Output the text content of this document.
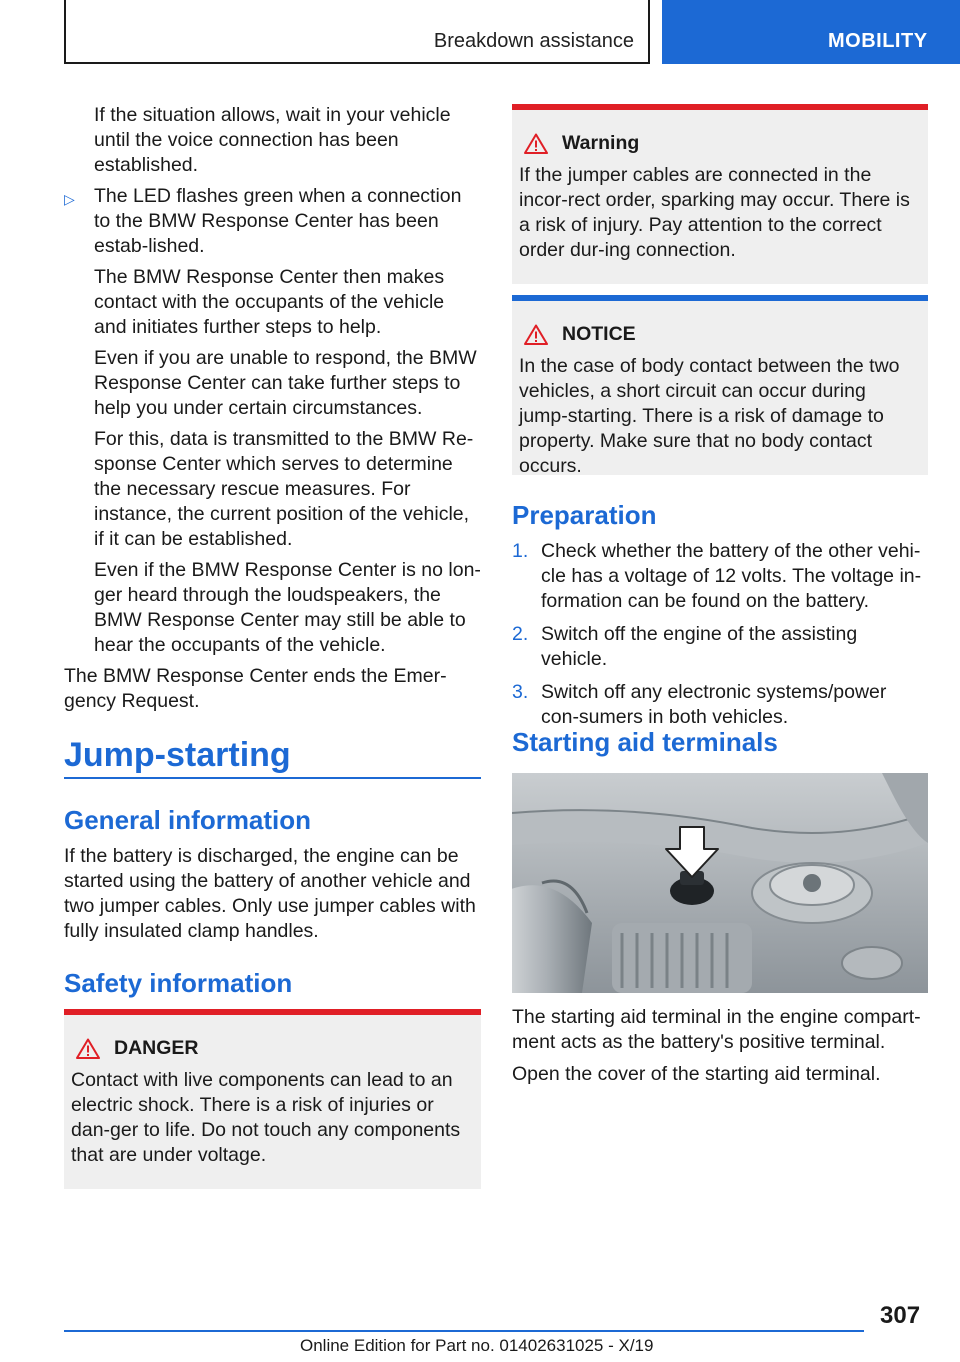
Breakdown assistance	MOBILITY

If the situation allows, wait in your vehicle until the voice connection has been established.

▷ The LED flashes green when a connection to the BMW Response Center has been estab-lished.

The BMW Response Center then makes contact with the occupants of the vehicle and initiates further steps to help.

Even if you are unable to respond, the BMW Response Center can take further steps to help you under certain circumstances.

For this, data is transmitted to the BMW Re-sponse Center which serves to determine the necessary rescue measures. For instance, the current position of the vehicle, if it can be established.

Even if the BMW Response Center is no lon-ger heard through the loudspeakers, the BMW Response Center may still be able to hear the occupants of the vehicle.

The BMW Response Center ends the Emer-gency Request.

Jump-starting
General information

If the battery is discharged, the engine can be started using the battery of another vehicle and two jumper cables. Only use jumper cables with fully insulated clamp handles.

Safety information
DANGER

Contact with live components can lead to an electric shock. There is a risk of injuries or dan-ger to life. Do not touch any components that are under voltage.

Warning

If the jumper cables are connected in the incor-rect order, sparking may occur. There is a risk of injury. Pay attention to the correct order dur-ing connection.

NOTICE

In the case of body contact between the two vehicles, a short circuit can occur during jump-starting. There is a risk of damage to property. Make sure that no body contact occurs.

Preparation
1. Check whether the battery of the other vehi-cle has a voltage of 12 volts. The voltage in-formation can be found on the battery.
2. Switch off the engine of the assisting vehicle.
3. Switch off any electronic systems/power con-sumers in both vehicles.
Starting aid terminals

The starting aid terminal in the engine compart-ment acts as the battery's positive terminal.

Open the cover of the starting aid terminal.

307
Online Edition for Part no. 01402631025 - X/19
